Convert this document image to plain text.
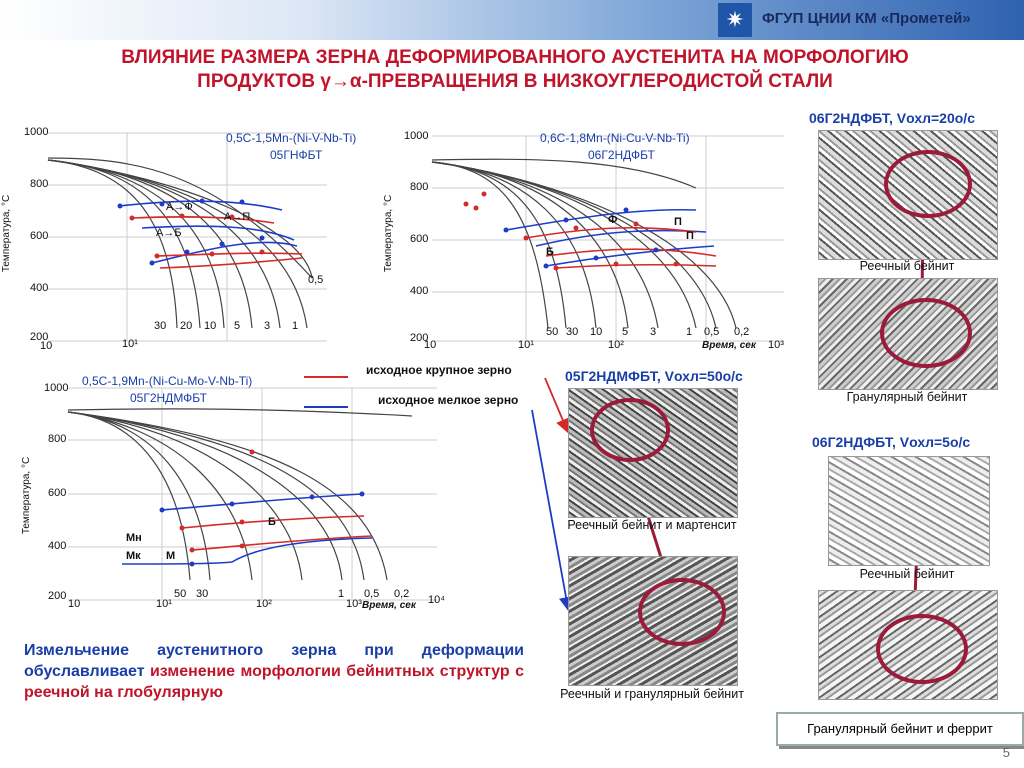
✷	ФГУП ЦНИИ КМ «Прометей»
ВЛИЯНИЕ РАЗМЕРА ЗЕРНА ДЕФОРМИРОВАННОГО АУСТЕНИТА НА МОРФОЛОГИЮ ПРОДУКТОВ γ→α-ПРЕВРАЩЕНИЯ В НИЗКОУГЛЕРОДИСТОЙ СТАЛИ
1000
800
600
400
200
Температура, °С
10	10¹
А→Ф
А→П
А→Б
30 20 10 5 3 1
0,5
0,5C-1,5Mn-(Ni-V-Nb-Ti)
05ГНФБТ
1000
800
600
400
200
Температура, °С
10	10¹	10²	Время, сек 10³
Ф	П
П
Б
50 30 10 5 3	1 0,5 0,2
0,6C-1,8Mn-(Ni-Cu-V-Nb-Ti)
06Г2НДФБТ
1000
800
600
400
200
Температура, °С
10	10¹	10²	10³ Время, сек 10⁴
Мн
Мк М
Б
50 30	1 0,5 0,2
0,5C-1,9Mn-(Ni-Cu-Mo-V-Nb-Ti)
05Г2НДМФБТ
исходное крупное зерно
исходное мелкое зерно
05Г2НДМФБТ, Vохл=50о/с
Реечный бейнит и мартенсит
Реечный и гранулярный бейнит
06Г2НДФБТ, Vохл=20о/с
Реечный бейнит
Гранулярный бейнит
06Г2НДФБТ, Vохл=5о/с
Реечный бейнит
Гранулярный бейнит и феррит
Измельчение аустенитного зерна при деформации обуславливает изменение морфологии бейнитных структур с реечной на глобулярную
5
